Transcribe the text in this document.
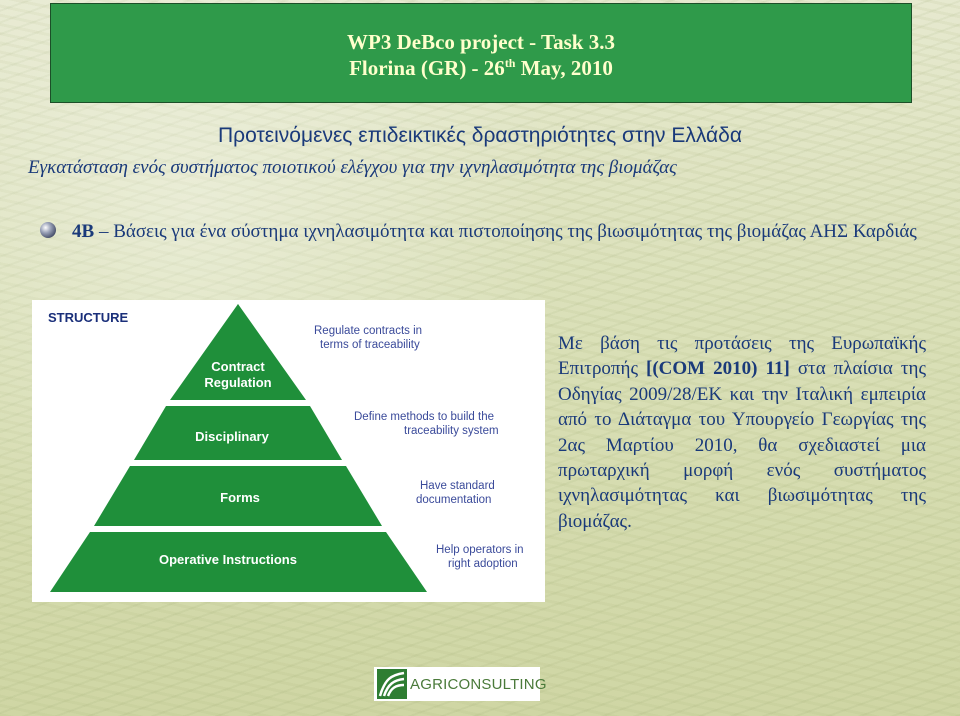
WP3 DeBco project - Task 3.3
Florina (GR) - 26th May, 2010
Προτεινόμενες επιδεικτικές δραστηριότητες στην Ελλάδα
Εγκατάσταση ενός συστήματος ποιοτικού ελέγχου για την ιχνηλασιμότητα της βιομάζας
4Β – Βάσεις για ένα σύστημα ιχνηλασιμότητα και πιστοποίησης της βιωσιμότητας της βιομάζας ΑΗΣ Καρδιάς
STRUCTURE
Contract
Regulation
Disciplinary
Forms
Operative Instructions
Regulate contracts in
terms of traceability
Define methods to build the
traceability system
Have standard
documentation
Help operators in
right adoption
Με βάση τις προτάσεις της Ευρωπαϊκής Επιτροπής [(COM 2010) 11] στα πλαίσια της Οδηγίας 2009/28/ΕΚ και την Ιταλική εμπειρία από το Διάταγμα του Υπουργείο Γεωργίας της 2ας Μαρτίου 2010, θα σχεδιαστεί μια πρωταρχική μορφή ενός συστήματος ιχνηλασιμότητας και βιωσιμότητας της βιομάζας.
AGRICONSULTING
